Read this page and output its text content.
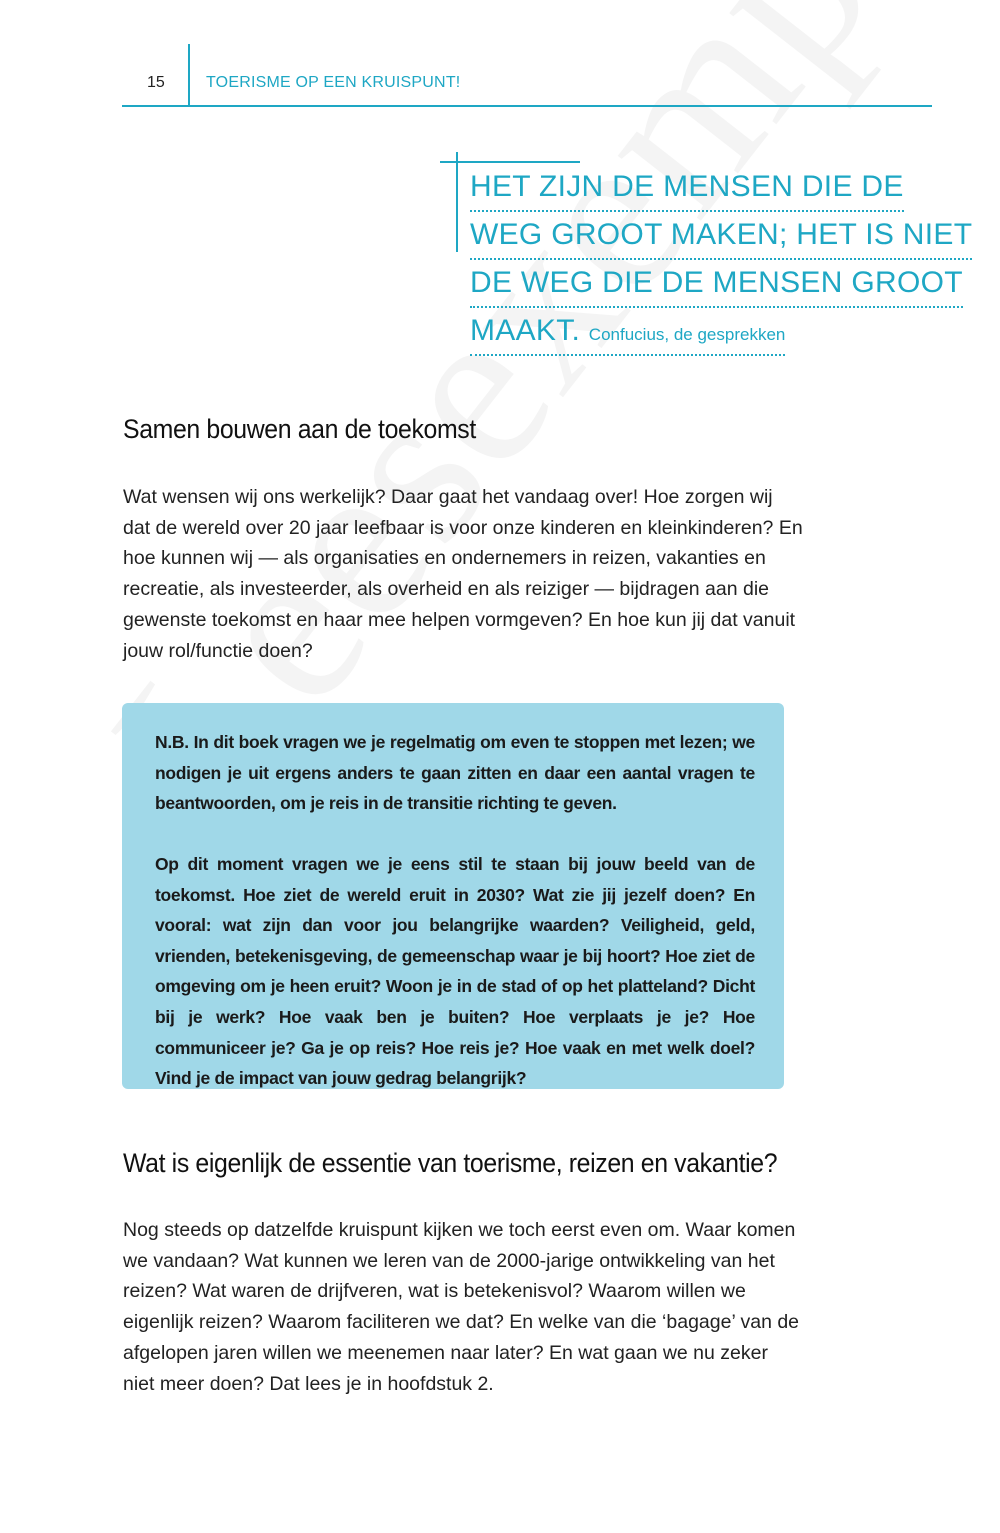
15	TOERISME OP EEN KRUISPUNT!
HET ZIJN DE MENSEN DIE DE
WEG GROOT MAKEN; HET IS NIET
DE WEG DIE DE MENSEN GROOT
MAAKT. Confucius, de gesprekken
Samen bouwen aan de toekomst

Wat wensen wij ons werkelijk? Daar gaat het vandaag over! Hoe zorgen wij dat de wereld over 20 jaar leefbaar is voor onze kinderen en kleinkinderen? En hoe kunnen wij — als organisaties en ondernemers in reizen, vakanties en recreatie, als investeerder, als overheid en als reiziger — bijdragen aan die gewenste toekomst en haar mee helpen vormgeven? En hoe kun jij dat vanuit jouw rol/functie doen?

N.B. In dit boek vragen we je regelmatig om even te stoppen met lezen; we nodigen je uit ergens anders te gaan zitten en daar een aantal vragen te beantwoorden, om je reis in de transitie richting te geven.

Op dit moment vragen we je eens stil te staan bij jouw beeld van de toekomst. Hoe ziet de wereld eruit in 2030? Wat zie jij jezelf doen? En vooral: wat zijn dan voor jou belangrijke waarden? Veiligheid, geld, vrienden, betekenisgeving, de gemeenschap waar je bij hoort? Hoe ziet de omgeving om je heen eruit? Woon je in de stad of op het platteland? Dicht bij je werk? Hoe vaak ben je buiten? Hoe verplaats je je? Hoe communiceer je? Ga je op reis? Hoe reis je? Hoe vaak en met welk doel? Vind je de impact van jouw gedrag belangrijk?

Wat is eigenlijk de essentie van toerisme, reizen en vakantie?

Nog steeds op datzelfde kruispunt kijken we toch eerst even om. Waar komen we vandaan? Wat kunnen we leren van de 2000-jarige ontwikkeling van het reizen? Wat waren de drijfveren, wat is betekenisvol? Waarom willen we eigenlijk reizen? Waarom faciliteren we dat? En welke van die ‘bagage’ van de afgelopen jaren willen we meenemen naar later? En wat gaan we nu zeker niet meer doen? Dat lees je in hoofdstuk 2.
